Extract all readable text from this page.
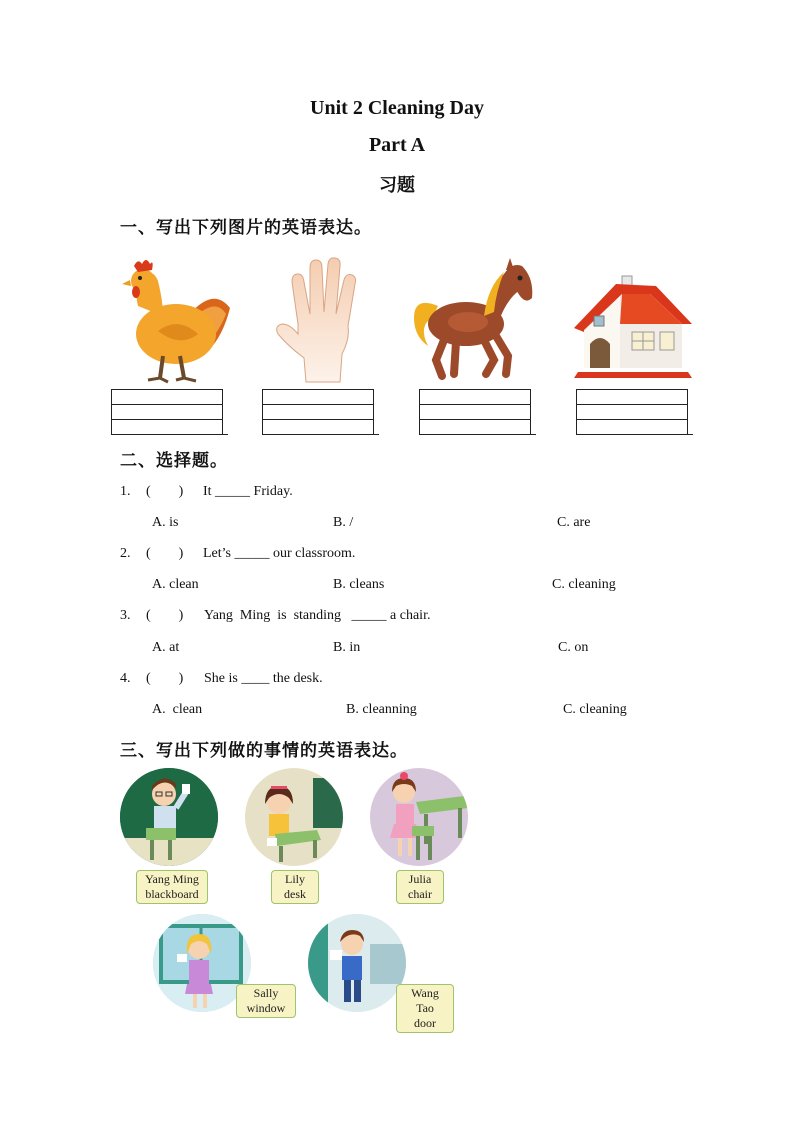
Unit 2 Cleaning Day
Part A
习题
一、写出下列图片的英语表达。
二、选择题。
1. (        ) It _____ Friday.
A. is	B. /	C. are
2. (        ) Let’s _____ our classroom.
A. clean	B. cleans	C. cleaning
3. (        ) Yang  Ming  is  standing   _____ a chair.
A. at	B. in	C. on
4. (        ) She is ____ the desk.
A.  clean	B. cleanning	C. cleaning
三、写出下列做的事情的英语表达。
Yang Ming
blackboard
Lily
desk
Julia
chair
Sally
window
Wang Tao
door
